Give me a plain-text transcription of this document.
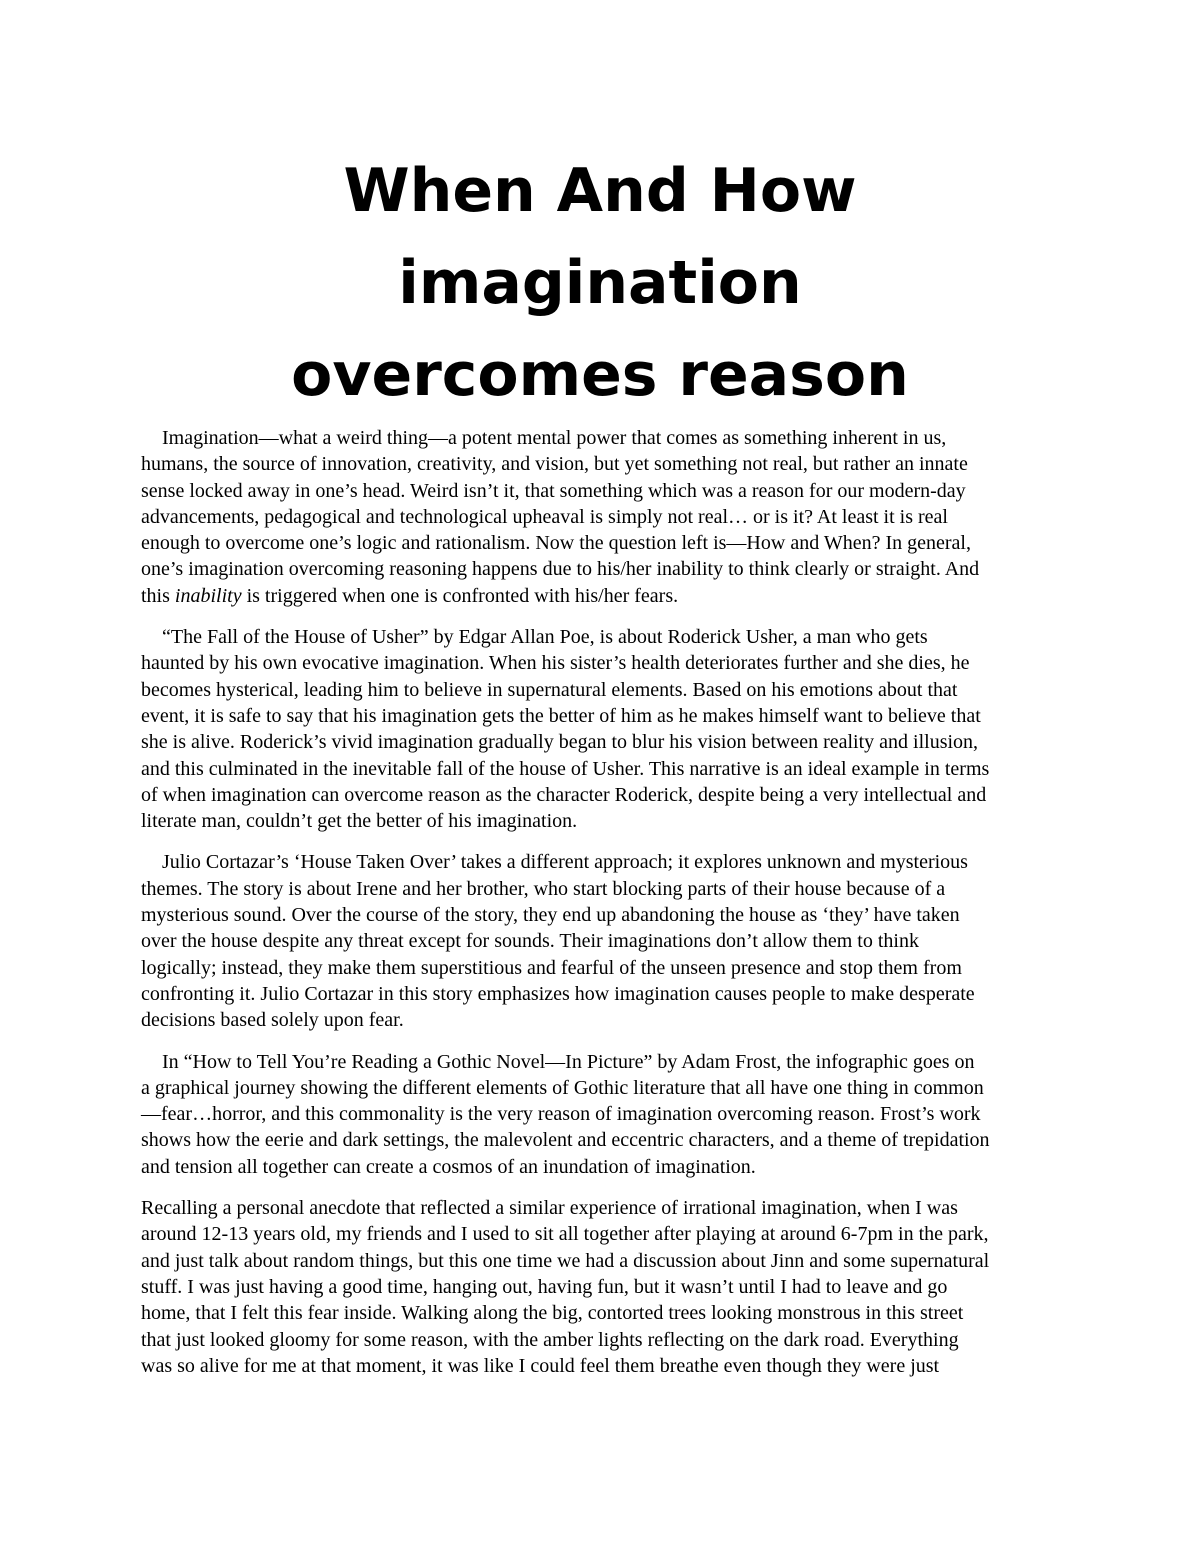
When And How
imagination
overcomes reason

Imagination—what a weird thing—a potent mental power that comes as something inherent in us,
humans, the source of innovation, creativity, and vision, but yet something not real, but rather an innate
sense locked away in one’s head. Weird isn’t it, that something which was a reason for our modern-day
advancements, pedagogical and technological upheaval is simply not real… or is it? At least it is real
enough to overcome one’s logic and rationalism. Now the question left is—How and When? In general,
one’s imagination overcoming reasoning happens due to his/her inability to think clearly or straight. And
this inability is triggered when one is confronted with his/her fears.

“The Fall of the House of Usher” by Edgar Allan Poe, is about Roderick Usher, a man who gets
haunted by his own evocative imagination. When his sister’s health deteriorates further and she dies, he
becomes hysterical, leading him to believe in supernatural elements. Based on his emotions about that
event, it is safe to say that his imagination gets the better of him as he makes himself want to believe that
she is alive. Roderick’s vivid imagination gradually began to blur his vision between reality and illusion,
and this culminated in the inevitable fall of the house of Usher. This narrative is an ideal example in terms
of when imagination can overcome reason as the character Roderick, despite being a very intellectual and
literate man, couldn’t get the better of his imagination.

Julio Cortazar’s ‘House Taken Over’ takes a different approach; it explores unknown and mysterious
themes. The story is about Irene and her brother, who start blocking parts of their house because of a
mysterious sound. Over the course of the story, they end up abandoning the house as ‘they’ have taken
over the house despite any threat except for sounds. Their imaginations don’t allow them to think
logically; instead, they make them superstitious and fearful of the unseen presence and stop them from
confronting it. Julio Cortazar in this story emphasizes how imagination causes people to make desperate
decisions based solely upon fear.

In “How to Tell You’re Reading a Gothic Novel—In Picture” by Adam Frost, the infographic goes on
a graphical journey showing the different elements of Gothic literature that all have one thing in common
—fear…horror, and this commonality is the very reason of imagination overcoming reason. Frost’s work
shows how the eerie and dark settings, the malevolent and eccentric characters, and a theme of trepidation
and tension all together can create a cosmos of an inundation of imagination.

Recalling a personal anecdote that reflected a similar experience of irrational imagination, when I was
around 12-13 years old, my friends and I used to sit all together after playing at around 6-7pm in the park,
and just talk about random things, but this one time we had a discussion about Jinn and some supernatural
stuff. I was just having a good time, hanging out, having fun, but it wasn’t until I had to leave and go
home, that I felt this fear inside. Walking along the big, contorted trees looking monstrous in this street
that just looked gloomy for some reason, with the amber lights reflecting on the dark road. Everything
was so alive for me at that moment, it was like I could feel them breathe even though they were just
